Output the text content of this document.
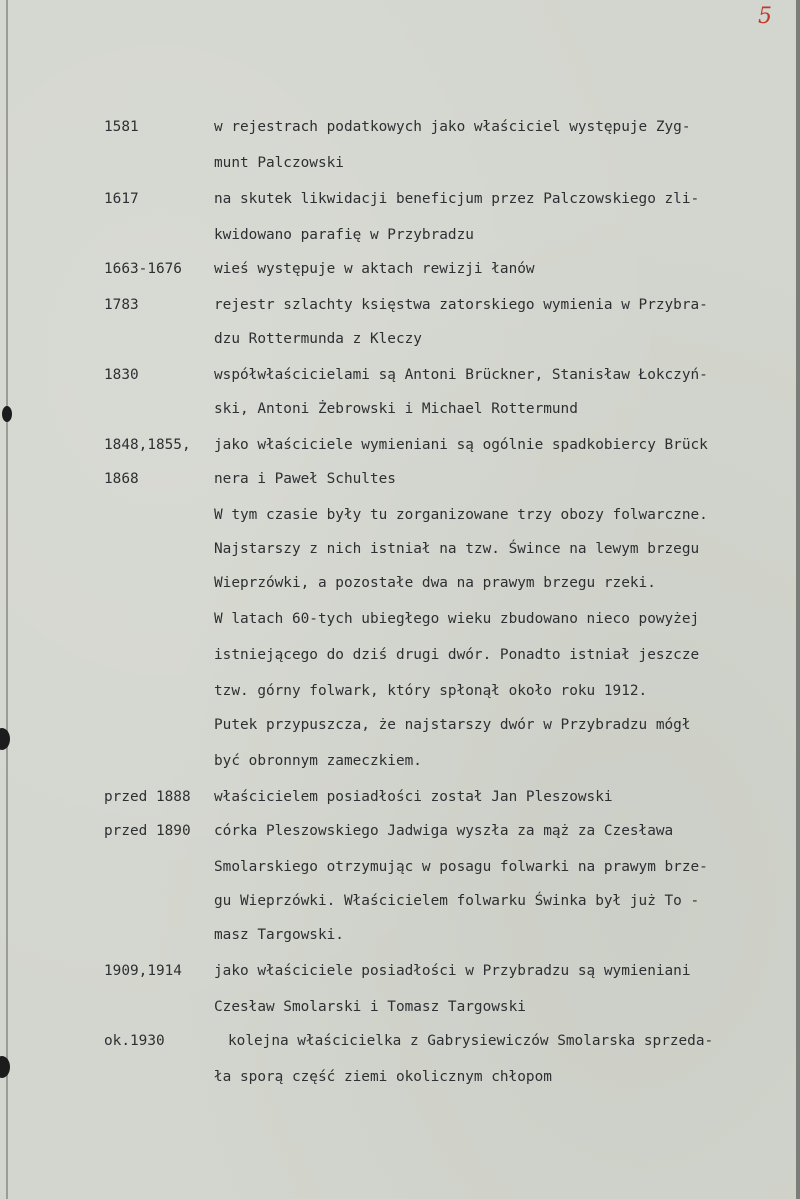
5

1581	w rejestrach podatkowych jako właściciel występuje Zyg-

munt Palczowski

1617	na skutek likwidacji beneficjum przez Palczowskiego zli-

kwidowano parafię w Przybradzu

1663-1676 wieś występuje w aktach rewizji łanów

1783	rejestr szlachty księstwa zatorskiego wymienia w Przybra-

dzu Rottermunda z Kleczy

1830	współwłaścicielami są Antoni Brückner, Stanisław Łokczyń-

ski, Antoni Żebrowski i Michael Rottermund

1848,1855, jako właściciele wymieniani są ogólnie spadkobiercy Brück

1868	nera i Paweł Schultes

W tym czasie były tu zorganizowane trzy obozy folwarczne.

Najstarszy z nich istniał na tzw. Śwince na lewym brzegu

Wieprzówki, a pozostałe dwa na prawym brzegu rzeki.

W latach 60-tych ubiegłego wieku zbudowano nieco powyżej

istniejącego do dziś drugi dwór. Ponadto istniał jeszcze

tzw. górny folwark, który spłonął około roku 1912.

Putek przypuszcza, że najstarszy dwór w Przybradzu mógł

być obronnym zameczkiem.

przed 1888 właścicielem posiadłości został Jan Pleszowski

przed 1890 córka Pleszowskiego Jadwiga wyszła za mąż za Czesława

Smolarskiego otrzymując w posagu folwarki na prawym brze-

gu Wieprzówki. Właścicielem folwarku Świnka był już To -

masz Targowski.

1909,1914 jako właściciele posiadłości w Przybradzu są wymieniani

Czesław Smolarski i Tomasz Targowski

ok.1930	kolejna właścicielka z Gabrysiewiczów Smolarska sprzeda-

ła sporą część ziemi okolicznym chłopom
